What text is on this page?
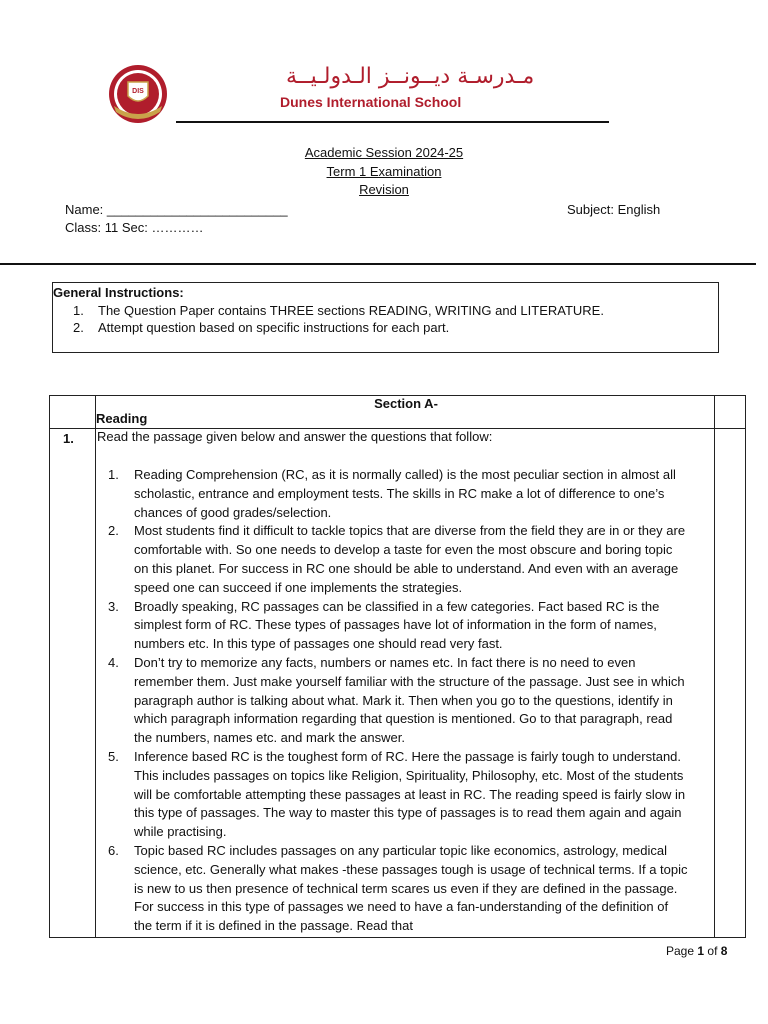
DIS
مـدرسـة ديــونــز الـدولـيــة
Dunes International School
Academic Session 2024-25
Term 1 Examination
Revision
Name: _________________________
Class: 11 Sec: …………
Subject: English
General Instructions:
1. The Question Paper contains THREE sections READING, WRITING and LITERATURE.
2. Attempt question based on specific instructions for each part.
Section A-
Reading
1. Read the passage given below and answer the questions that follow:
1. Reading Comprehension (RC, as it is normally called) is the most peculiar section in almost all scholastic, entrance and employment tests. The skills in RC make a lot of difference to one’s chances of good grades/selection.
2. Most students find it difficult to tackle topics that are diverse from the field they are in or they are comfortable with. So one needs to develop a taste for even the most obscure and boring topic on this planet. For success in RC one should be able to understand. And even with an average speed one can succeed if one implements the strategies.
3. Broadly speaking, RC passages can be classified in a few categories. Fact based RC is the simplest form of RC. These types of passages have lot of information in the form of names, numbers etc. In this type of passages one should read very fast.
4. Don’t try to memorize any facts, numbers or names etc. In fact there is no need to even remember them. Just make yourself familiar with the structure of the passage. Just see in which paragraph author is talking about what. Mark it. Then when you go to the questions, identify in which paragraph information regarding that question is mentioned. Go to that paragraph, read the numbers, names etc. and mark the answer.
5. Inference based RC is the toughest form of RC. Here the passage is fairly tough to understand. This includes passages on topics like Religion, Spirituality, Philosophy, etc. Most of the students will be comfortable attempting these passages at least in RC. The reading speed is fairly slow in this type of passages. The way to master this type of passages is to read them again and again while practising.
6. Topic based RC includes passages on any particular topic like economics, astrology, medical science, etc. Generally what makes -these passages tough is usage of technical terms. If a topic is new to us then presence of technical term scares us even if they are defined in the passage. For success in this type of passages we need to have a fan-understanding of the definition of the term if it is defined in the passage. Read that
Page 1 of 8
